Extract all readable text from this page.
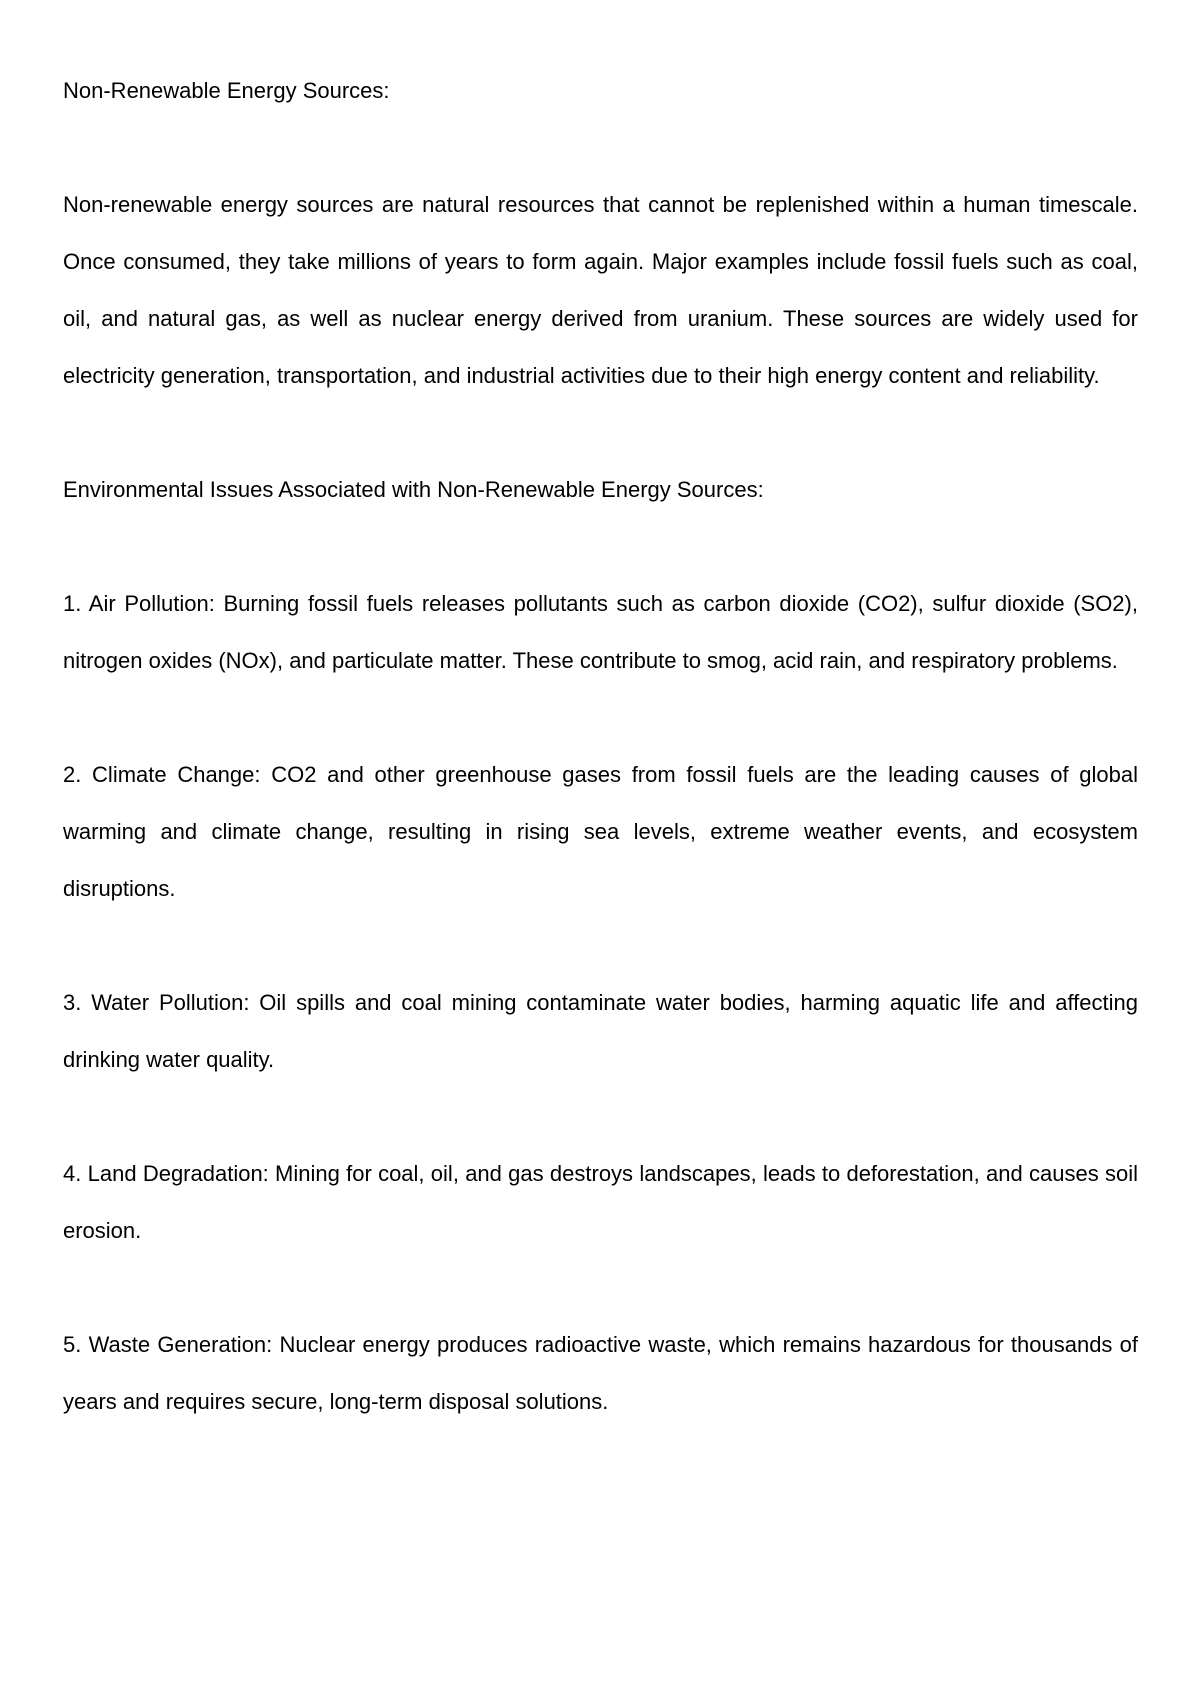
Non-Renewable Energy Sources:

Non-renewable energy sources are natural resources that cannot be replenished within a human timescale. Once consumed, they take millions of years to form again. Major examples include fossil fuels such as coal, oil, and natural gas, as well as nuclear energy derived from uranium. These sources are widely used for electricity generation, transportation, and industrial activities due to their high energy content and reliability.

Environmental Issues Associated with Non-Renewable Energy Sources:

1. Air Pollution: Burning fossil fuels releases pollutants such as carbon dioxide (CO2), sulfur dioxide (SO2), nitrogen oxides (NOx), and particulate matter. These contribute to smog, acid rain, and respiratory problems.

2. Climate Change: CO2 and other greenhouse gases from fossil fuels are the leading causes of global warming and climate change, resulting in rising sea levels, extreme weather events, and ecosystem disruptions.

3. Water Pollution: Oil spills and coal mining contaminate water bodies, harming aquatic life and affecting drinking water quality.

4. Land Degradation: Mining for coal, oil, and gas destroys landscapes, leads to deforestation, and causes soil erosion.

5. Waste Generation: Nuclear energy produces radioactive waste, which remains hazardous for thousands of years and requires secure, long-term disposal solutions.
